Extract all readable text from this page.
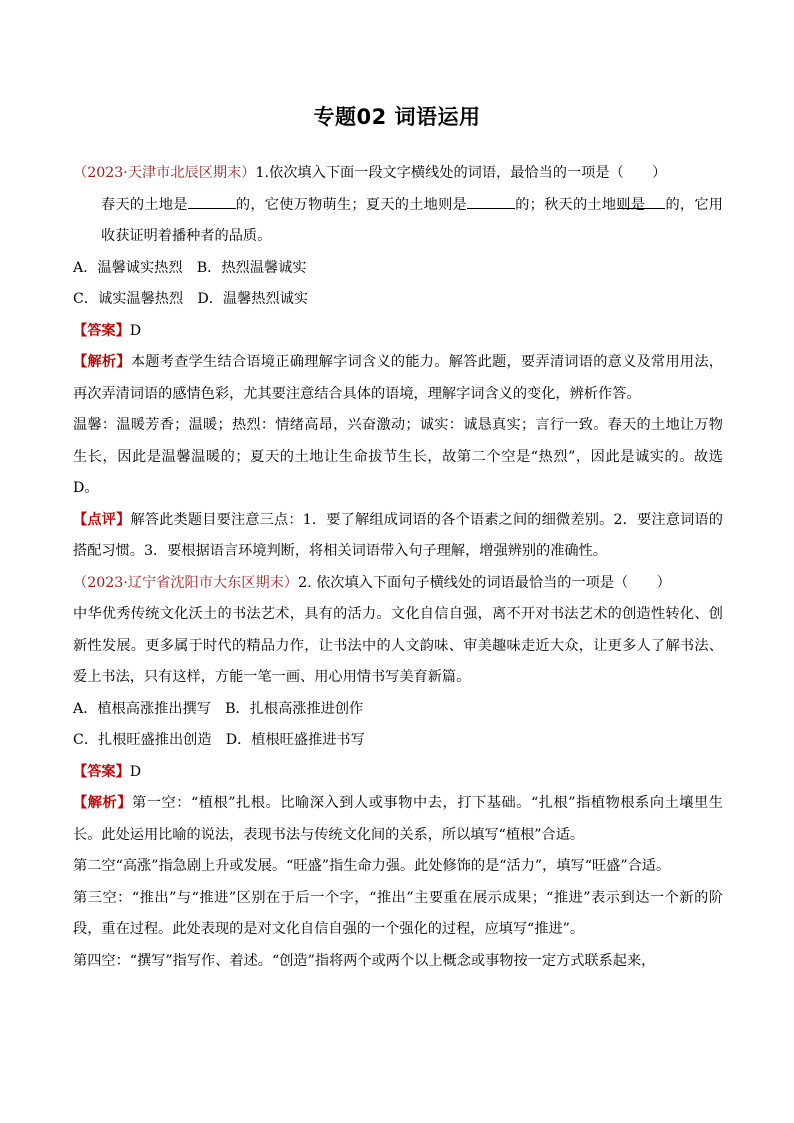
专题02 词语运用
（2023·天津市北辰区期末）1.依次填入下面一段文字横线处的词语，最恰当的一项是（　　）
春天的土地是	的，它使万物萌生；夏天的土地则是	的；秋天的土地则是 的，它用收获证明着播种者的品质。
A．温馨诚实热烈　B．热烈温馨诚实
C．诚实温馨热烈　D．温馨热烈诚实
【答案】D
【解析】本题考查学生结合语境正确理解字词含义的能力。解答此题，要弄清词语的意义及常用用法，再次弄清词语的感情色彩，尤其要注意结合具体的语境，理解字词含义的变化，辨析作答。
温馨：温暖芳香；温暖；热烈：情绪高昂，兴奋激动；诚实：诚恳真实；言行一致。春天的土地让万物生长，因此是温馨温暖的；夏天的土地让生命拔节生长，故第二个空是“热烈”，因此是诚实的。故选D。
【点评】解答此类题目要注意三点：1．要了解组成词语的各个语素之间的细微差别。2．要注意词语的搭配习惯。3．要根据语言环境判断，将相关词语带入句子理解，增强辨别的准确性。
（2023·辽宁省沈阳市大东区期末）2. 依次填入下面句子横线处的词语最恰当的一项是（　　）
中华优秀传统文化沃土的书法艺术，具有的活力。文化自信自强，离不开对书法艺术的创造性转化、创新性发展。更多属于时代的精品力作，让书法中的人文韵味、审美趣味走近大众，让更多人了解书法、爱上书法，只有这样，方能一笔一画、用心用情书写美育新篇。
A．植根高涨推出撰写　B．扎根高涨推进创作
C．扎根旺盛推出创造　D．植根旺盛推进书写
【答案】D
【解析】第一空：“植根”扎根。比喻深入到人或事物中去，打下基础。“扎根”指植物根系向土壤里生长。此处运用比喻的说法，表现书法与传统文化间的关系，所以填写“植根”合适。
第二空“高涨”指急剧上升或发展。“旺盛”指生命力强。此处修饰的是“活力”，填写“旺盛”合适。
第三空：“推出”与“推进”区别在于后一个字，“推出”主要重在展示成果；“推进”表示到达一个新的阶段，重在过程。此处表现的是对文化自信自强的一个强化的过程，应填写“推进”。
第四空：“撰写”指写作、着述。“创造”指将两个或两个以上概念或事物按一定方式联系起来，
